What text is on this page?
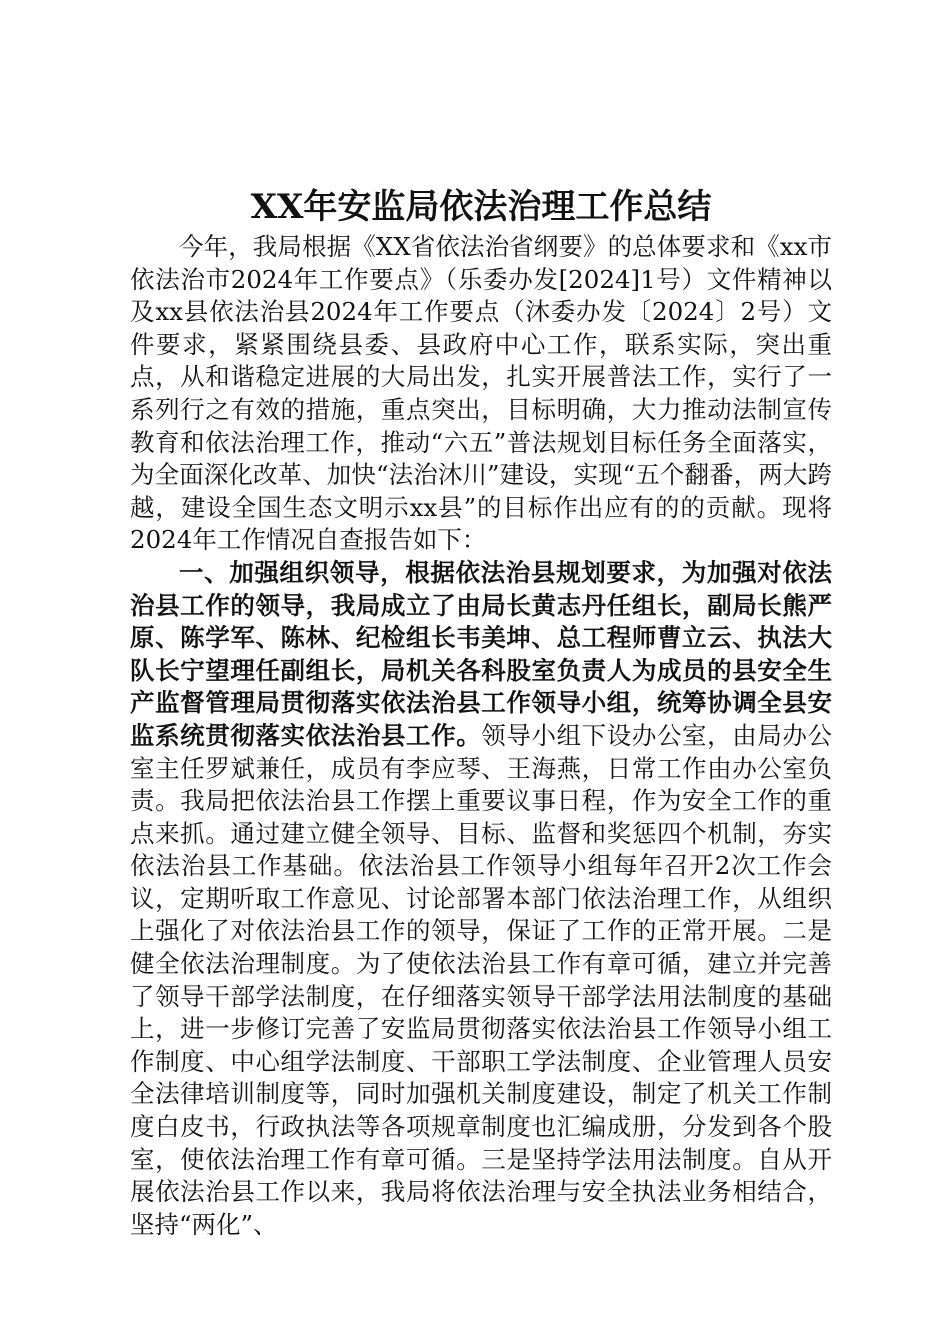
XX年安监局依法治理工作总结

今年，我局根据《XX省依法治省纲要》的总体要求和《xx市依法治市2024年工作要点》（乐委办发[2024]1号）文件精神以及xx县依法治县2024年工作要点（沐委办发〔2024〕2号）文件要求，紧紧围绕县委、县政府中心工作，联系实际，突出重点，从和谐稳定进展的大局出发，扎实开展普法工作，实行了一系列行之有效的措施，重点突出，目标明确，大力推动法制宣传教育和依法治理工作，推动“六五”普法规划目标任务全面落实，为全面深化改革、加快“法治沐川”建设，实现“五个翻番，两大跨越，建设全国生态文明示xx县”的目标作出应有的的贡献。现将2024年工作情况自查报告如下：

一、加强组织领导，根据依法治县规划要求，为加强对依法治县工作的领导，我局成立了由局长黄志丹任组长，副局长熊严原、陈学军、陈林、纪检组长韦美坤、总工程师曹立云、执法大队长宁望理任副组长，局机关各科股室负责人为成员的县安全生产监督管理局贯彻落实依法治县工作领导小组，统筹协调全县安监系统贯彻落实依法治县工作。领导小组下设办公室，由局办公室主任罗斌兼任，成员有李应琴、王海燕，日常工作由办公室负责。我局把依法治县工作摆上重要议事日程，作为安全工作的重点来抓。通过建立健全领导、目标、监督和奖惩四个机制，夯实依法治县工作基础。依法治县工作领导小组每年召开2次工作会议，定期听取工作意见、讨论部署本部门依法治理工作，从组织上强化了对依法治县工作的领导，保证了工作的正常开展。二是健全依法治理制度。为了使依法治县工作有章可循，建立并完善了领导干部学法制度，在仔细落实领导干部学法用法制度的基础上，进一步修订完善了安监局贯彻落实依法治县工作领导小组工作制度、中心组学法制度、干部职工学法制度、企业管理人员安全法律培训制度等，同时加强机关制度建设，制定了机关工作制度白皮书，行政执法等各项规章制度也汇编成册，分发到各个股室，使依法治理工作有章可循。三是坚持学法用法制度。自从开展依法治县工作以来，我局将依法治理与安全执法业务相结合，坚持“两化”、
